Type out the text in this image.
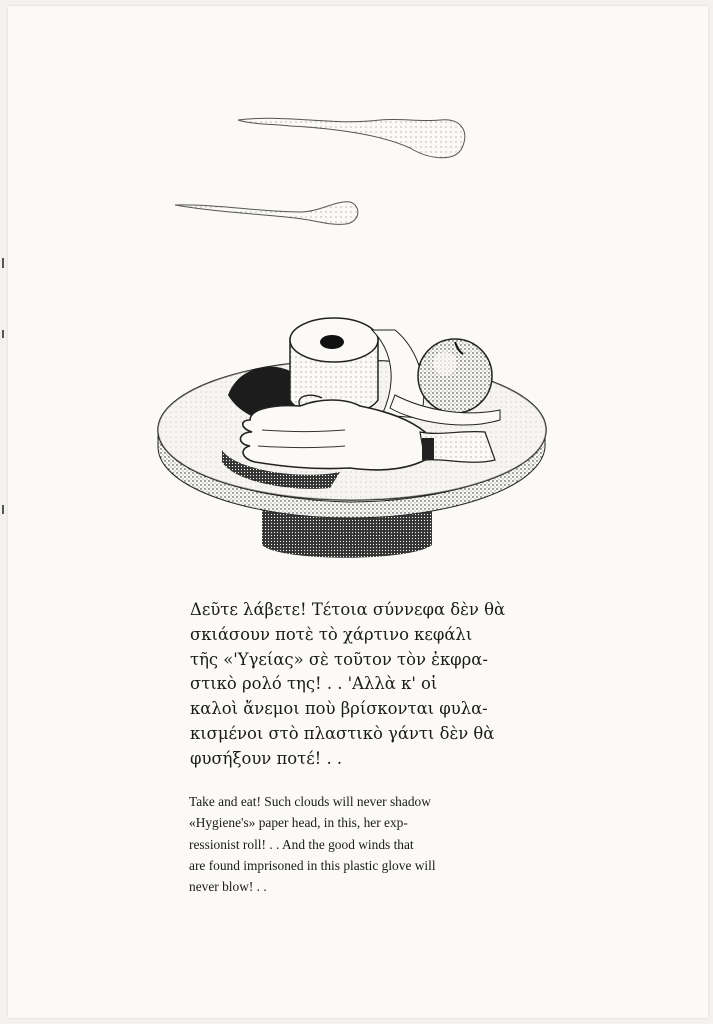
Δεῦτε λάβετε! Τέτοια σύννεφα δὲν θὰ
σκιάσουν ποτὲ τὸ χάρτινο κεφάλι
τῆς «'Υγείας» σὲ τοῦτον τὸν ἐκφρα-
στικὸ ρολό της! . . 'Αλλὰ κ' οἱ
καλοὶ ἄνεμοι ποὺ βρίσκονται φυλα-
κισμένοι στὸ πλαστικὸ γάντι δὲν θὰ
φυσήξουν ποτέ! . .

Take and eat! Such clouds will never shadow
«Hygiene's» paper head, in this, her exp-
ressionist roll! . . And the good winds that
are found imprisoned in this plastic glove will
never blow! . .
